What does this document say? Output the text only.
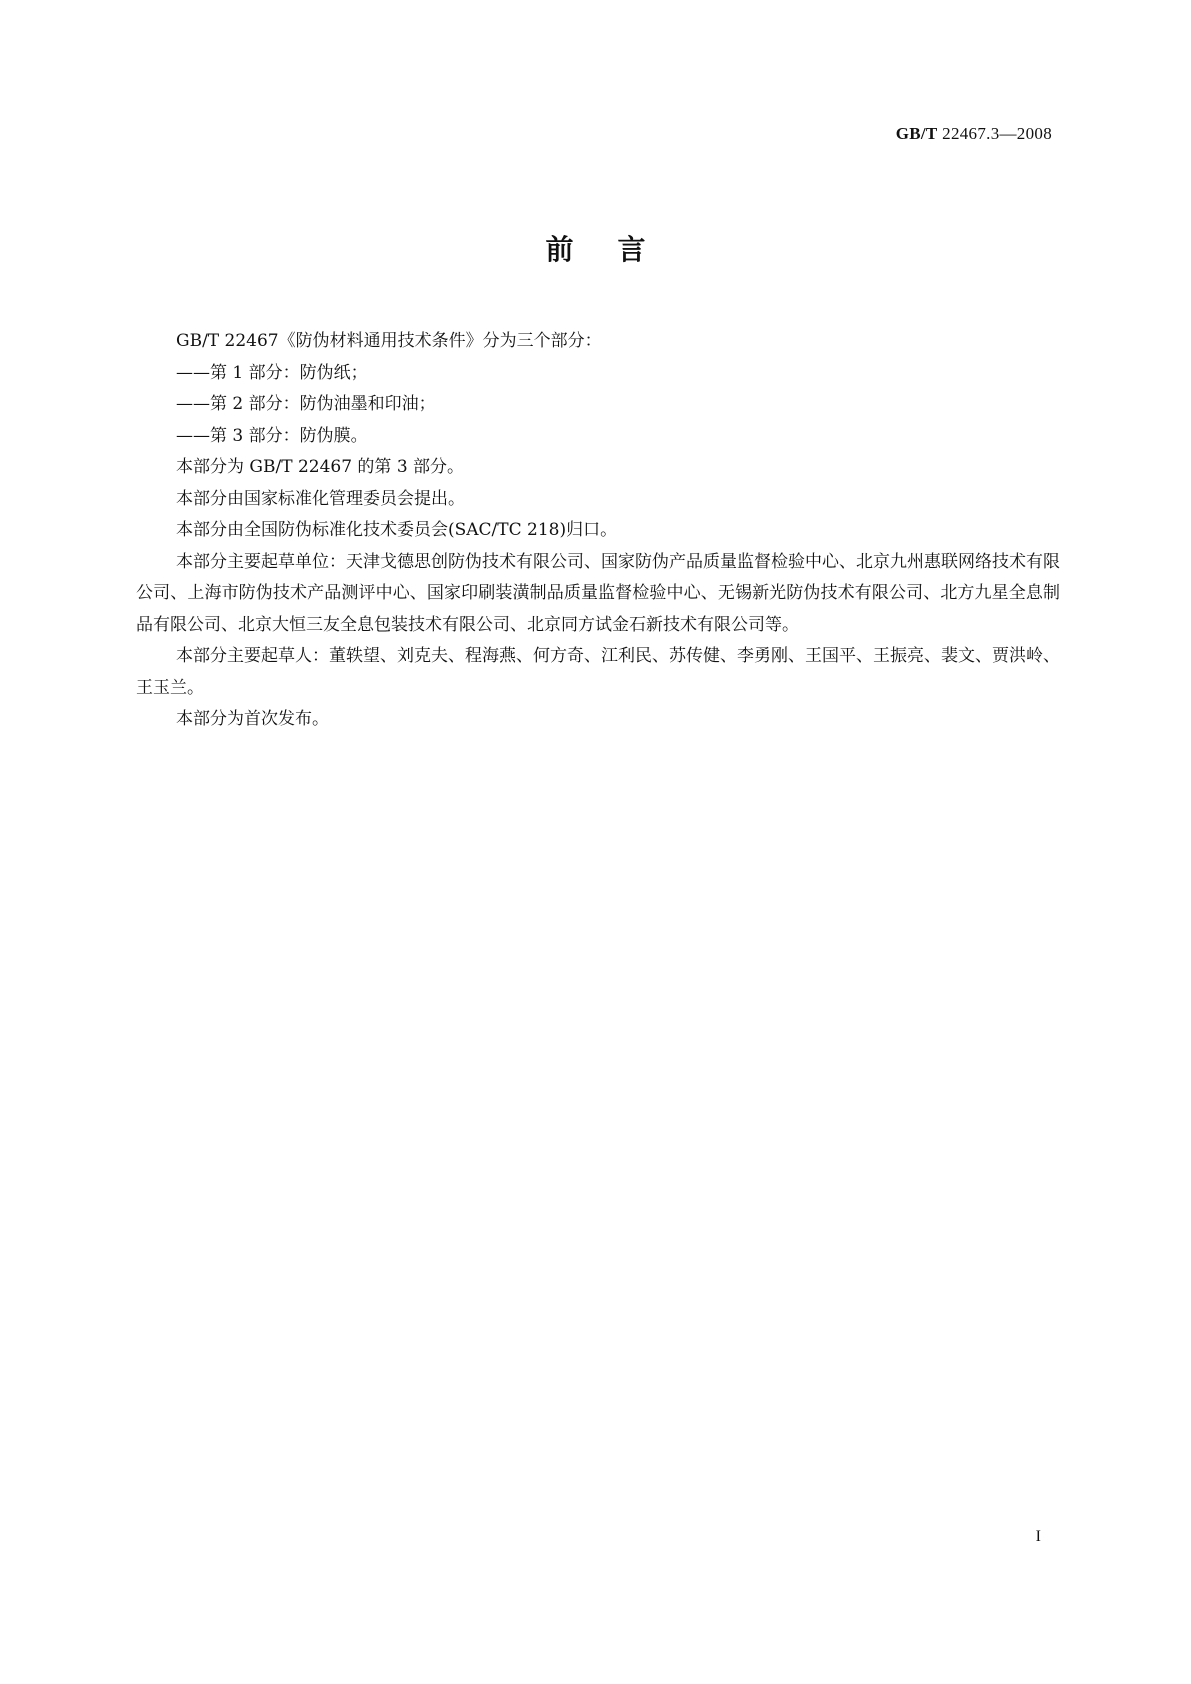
GB/T 22467.3—2008
前言

GB/T 22467《防伪材料通用技术条件》分为三个部分：

——第 1 部分：防伪纸；

——第 2 部分：防伪油墨和印油；

——第 3 部分：防伪膜。

本部分为 GB/T 22467 的第 3 部分。

本部分由国家标准化管理委员会提出。

本部分由全国防伪标准化技术委员会(SAC/TC 218)归口。

本部分主要起草单位：天津戈德思创防伪技术有限公司、国家防伪产品质量监督检验中心、北京九州惠联网络技术有限公司、上海市防伪技术产品测评中心、国家印刷装潢制品质量监督检验中心、无锡新光防伪技术有限公司、北方九星全息制品有限公司、北京大恒三友全息包装技术有限公司、北京同方试金石新技术有限公司等。

本部分主要起草人：董轶望、刘克夫、程海燕、何方奇、江利民、苏传健、李勇刚、王国平、王振亮、裴文、贾洪岭、王玉兰。

本部分为首次发布。

I
